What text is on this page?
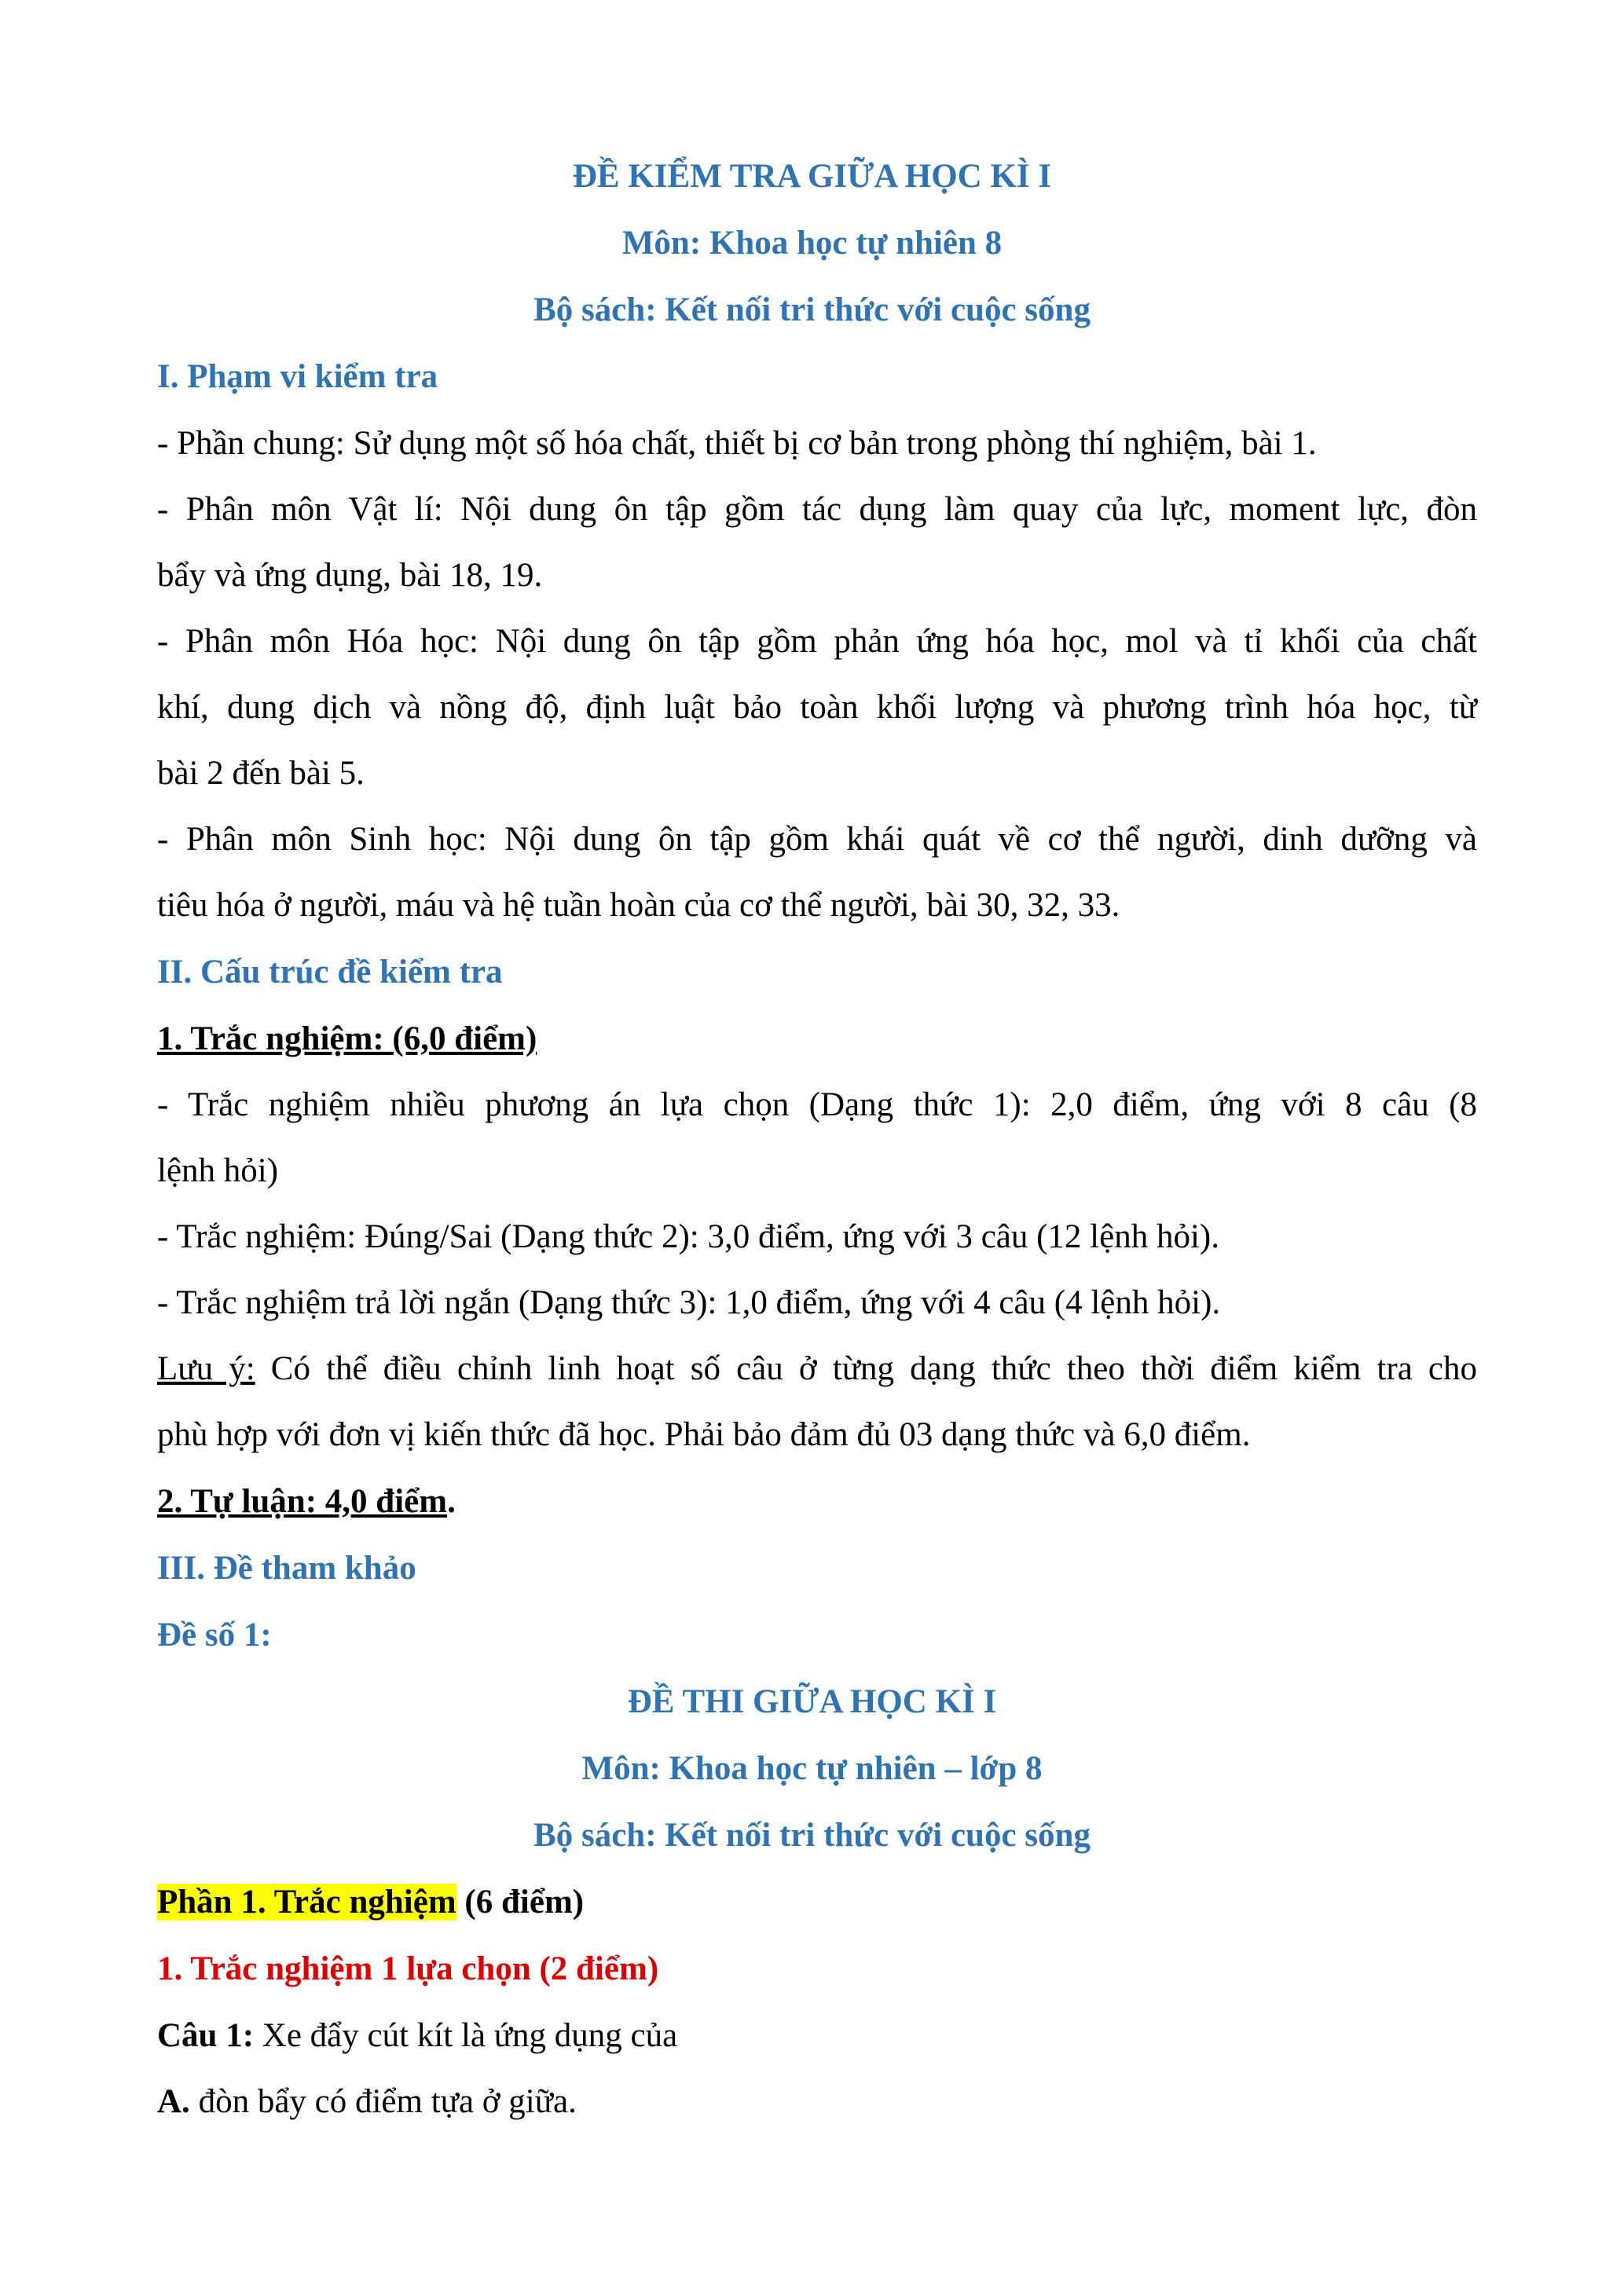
ĐỀ KIỂM TRA GIỮA HỌC KÌ I
Môn: Khoa học tự nhiên 8
Bộ sách: Kết nối tri thức với cuộc sống
I. Phạm vi kiểm tra
- Phần chung: Sử dụng một số hóa chất, thiết bị cơ bản trong phòng thí nghiệm, bài 1.
- Phân môn Vật lí: Nội dung ôn tập gồm tác dụng làm quay của lực, moment lực, đòn
bẩy và ứng dụng, bài 18, 19.
- Phân môn Hóa học: Nội dung ôn tập gồm phản ứng hóa học, mol và tỉ khối của chất
khí, dung dịch và nồng độ, định luật bảo toàn khối lượng và phương trình hóa học, từ
bài 2 đến bài 5.
- Phân môn Sinh học: Nội dung ôn tập gồm khái quát về cơ thể người, dinh dưỡng và
tiêu hóa ở người, máu và hệ tuần hoàn của cơ thể người, bài 30, 32, 33.
II. Cấu trúc đề kiểm tra
1. Trắc nghiệm: (6,0 điểm)
- Trắc nghiệm nhiều phương án lựa chọn (Dạng thức 1): 2,0 điểm, ứng với 8 câu (8
lệnh hỏi)
- Trắc nghiệm: Đúng/Sai (Dạng thức 2): 3,0 điểm, ứng với 3 câu (12 lệnh hỏi).
- Trắc nghiệm trả lời ngắn (Dạng thức 3): 1,0 điểm, ứng với 4 câu (4 lệnh hỏi).
Lưu ý: Có thể điều chỉnh linh hoạt số câu ở từng dạng thức theo thời điểm kiểm tra cho
phù hợp với đơn vị kiến thức đã học. Phải bảo đảm đủ 03 dạng thức và 6,0 điểm.
2. Tự luận: 4,0 điểm.
III. Đề tham khảo
Đề số 1:
ĐỀ THI GIỮA HỌC KÌ I
Môn: Khoa học tự nhiên – lớp 8
Bộ sách: Kết nối tri thức với cuộc sống
Phần 1. Trắc nghiệm (6 điểm)
1. Trắc nghiệm 1 lựa chọn (2 điểm)
Câu 1: Xe đẩy cút kít là ứng dụng của
A. đòn bẩy có điểm tựa ở giữa.
